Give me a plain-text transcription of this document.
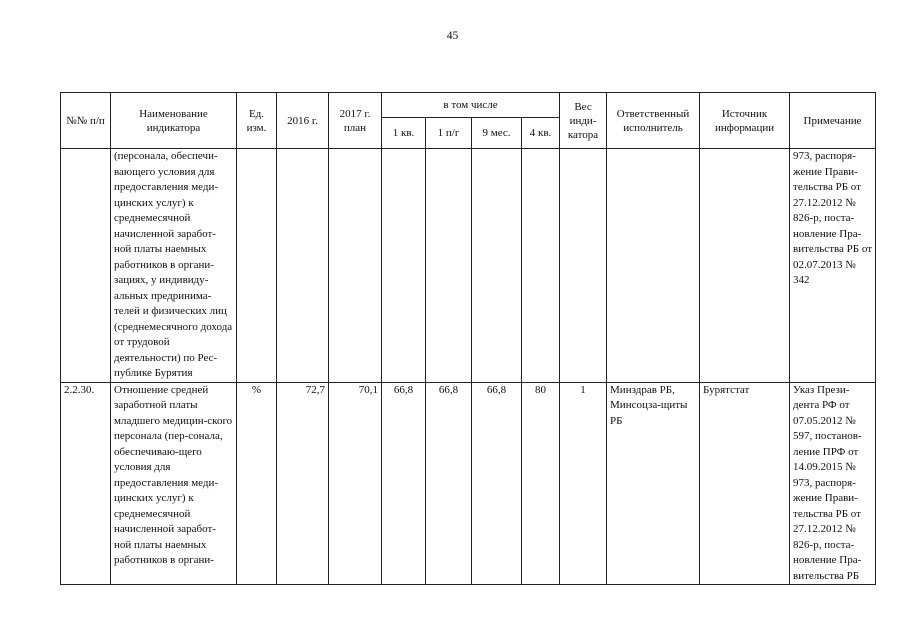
45
№№ п/п	Наименование индикатора	Ед. изм.	2016 г.	2017 г. план	в том числе				Вес инди-катора	Ответственный исполнитель	Источник информации	Примечание
					1 кв.	1 п/г	9 мес.	4 кв.				
	(персонала, обеспечи-вающего условия для предоставления меди-цинских услуг) к среднемесячной начисленной заработ-ной платы наемных работников в органи-зациях, у индивиду-альных предринима-телей и физических лиц (среднемесячного дохода от трудовой деятельности) по Рес-публике Бурятия											973, распоря-жение Прави-тельства РБ от 27.12.2012 № 826-р, поста-новление Пра-вительства РБ от 02.07.2013 № 342
2.2.30.	Отношение средней заработной платы младшего медицин-ского персонала (пер-сонала, обеспечиваю-щего условия для предоставления меди-цинских услуг) к среднемесячной начисленной заработ-ной платы наемных работников в органи-	%	72,7	70,1	66,8	66,8	66,8	80	1	Минздрав РБ, Минсоцза-щиты РБ	Бурятстат	Указ Прези-дента РФ от 07.05.2012 № 597, постанов-ление ПРФ от 14.09.2015 № 973, распоря-жение Прави-тельства РБ от 27.12.2012 № 826-р, поста-новление Пра-вительства РБ
